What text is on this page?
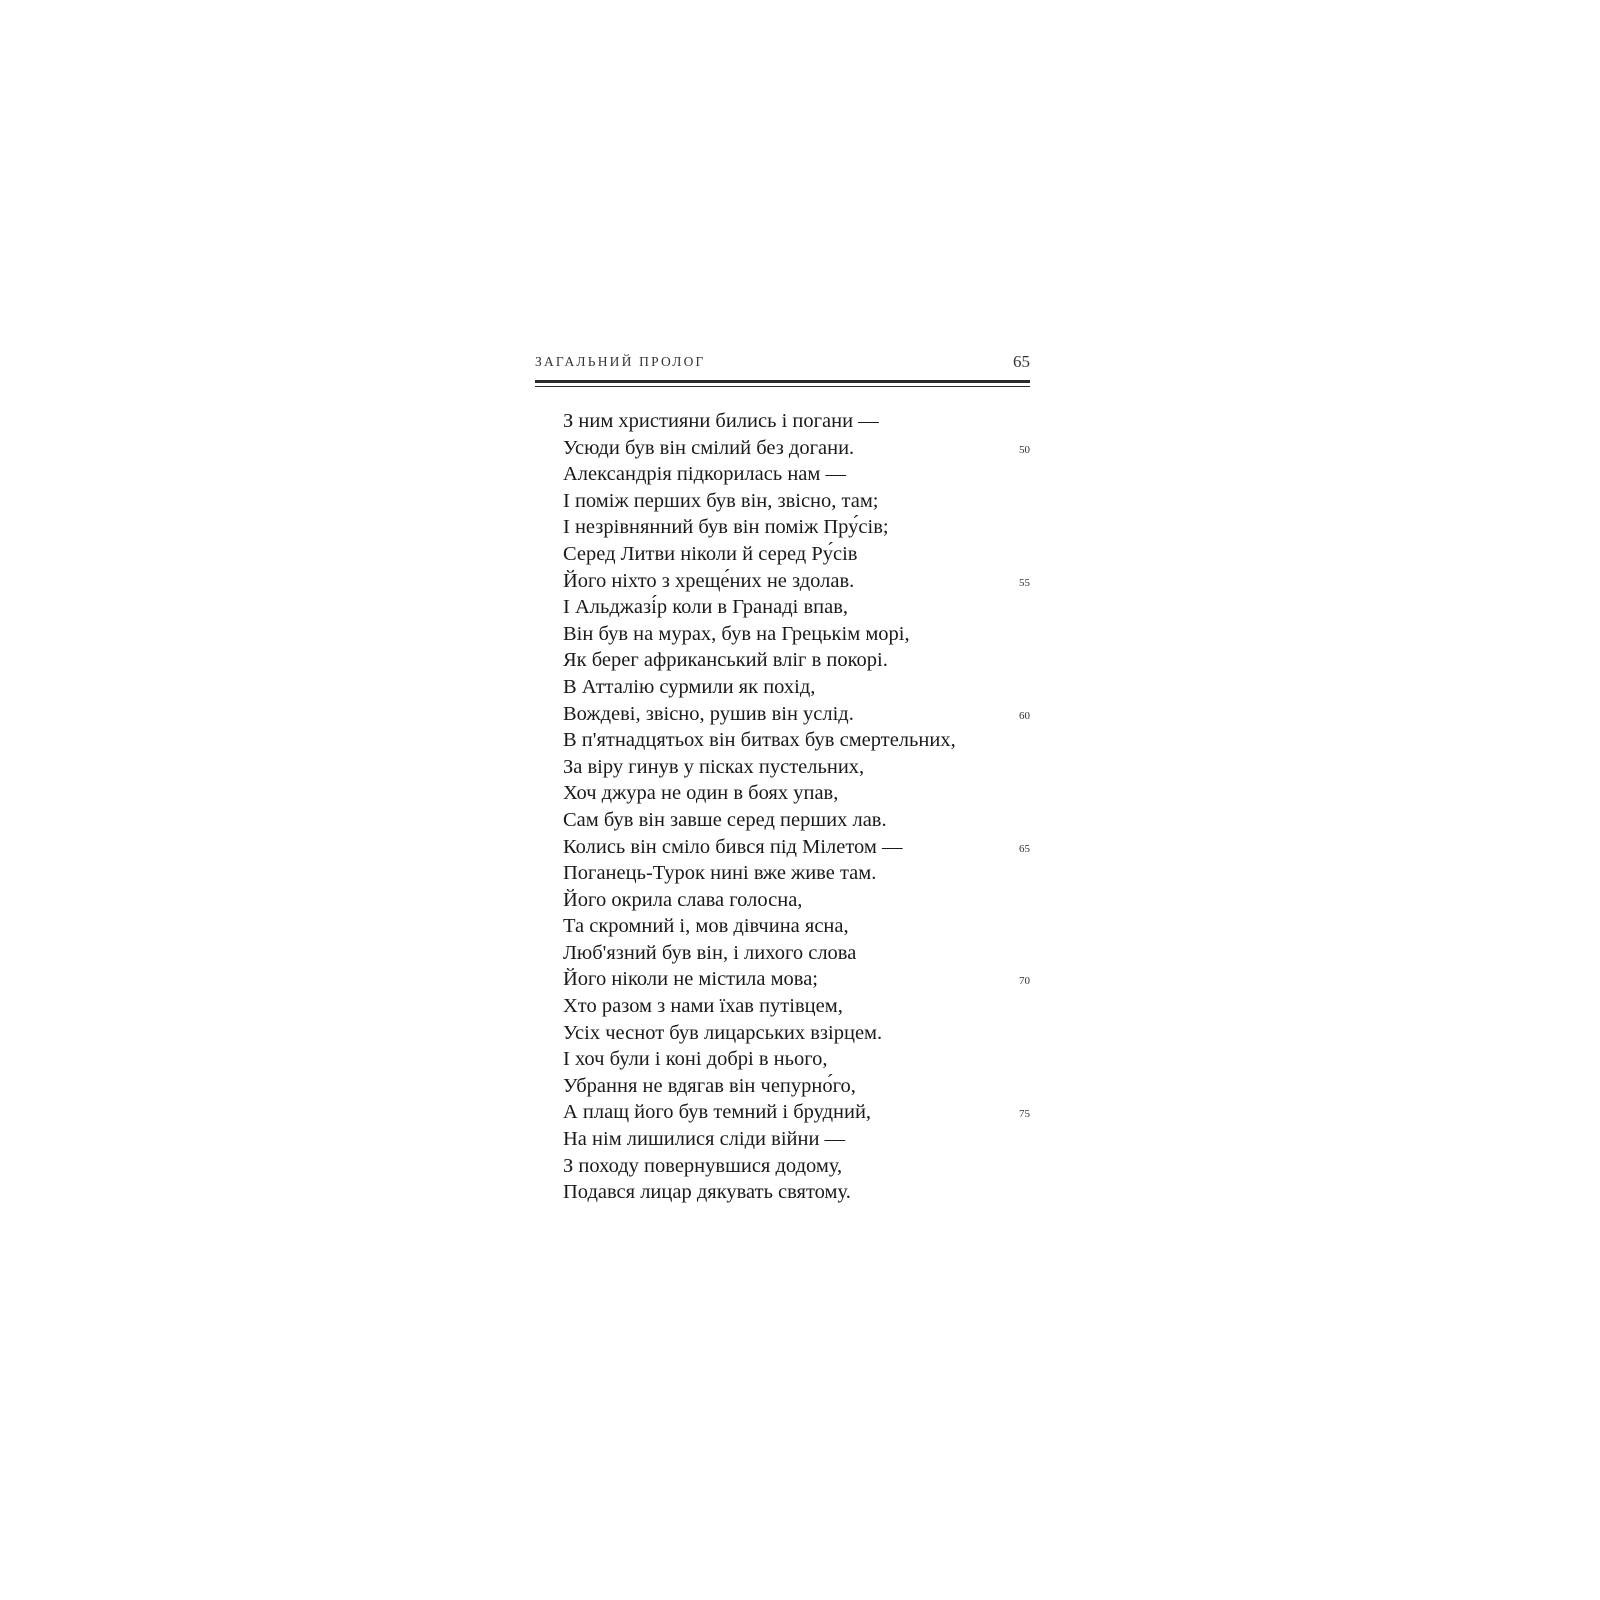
ЗАГАЛЬНИЙ ПРОЛОГ	65
З ним християни бились і погани —
Усюди був він смілий без догани.	50
Александрія підкорилась нам —
І поміж перших був він, звісно, там;
І незрівнянний був він поміж Пру́сів;
Серед Литви ніколи й серед Ру́сів
Його ніхто з хреще́них не здолав.	55
І Альджазі́р коли в Гранаді впав,
Він був на мурах, був на Грецькім морі,
Як берег африканський вліг в покорі.
В Атталію сурмили як похід,
Вождеві, звісно, рушив він услід.	60
В п'ятнадцятьох він битвах був смертельних,
За віру гинув у пісках пустельних,
Хоч джура не один в боях упав,
Сам був він завше серед перших лав.
Колись він сміло бився під Мілетом —	65
Поганець-Турок нині вже живе там.
Його окрила слава голосна,
Та скромний і, мов дівчина ясна,
Люб'язний був він, і лихого слова
Його ніколи не містила мова;	70
Хто разом з нами їхав путівцем,
Усіх чеснот був лицарських взірцем.
І хоч були і коні добрі в нього,
Убрання не вдягав він чепурно́го,
А плащ його був темний і брудний,	75
На нім лишилися сліди війни —
З походу повернувшися додому,
Подався лицар дякувать святому.
